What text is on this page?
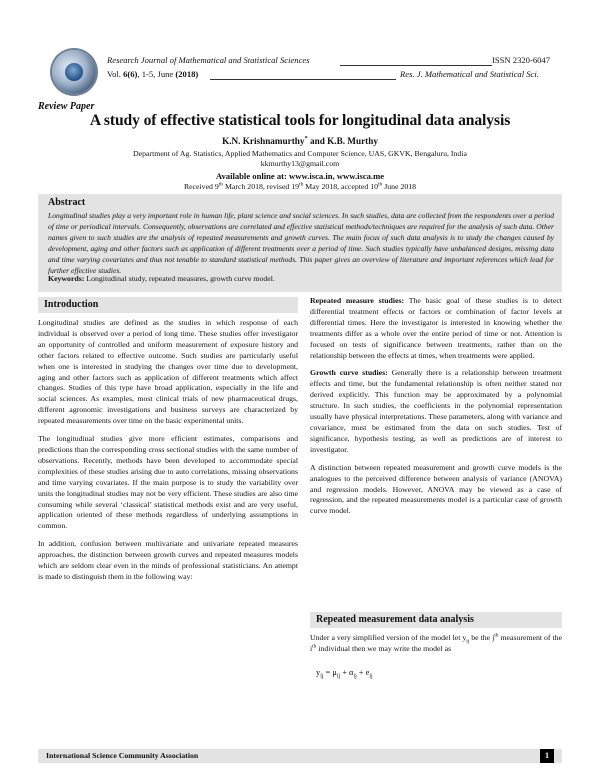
Research Journal of Mathematical and Statistical Sciences	ISSN 2320-6047
Vol. 6(6), 1-5, June (2018)	Res. J. Mathematical and Statistical Sci.
Review Paper
A study of effective statistical tools for longitudinal data analysis
K.N. Krishnamurthy* and K.B. Murthy
Department of Ag. Statistics, Applied Mathematics and Computer Science, UAS, GKVK, Bengaluru, India
kkmurthy13@gmail.com
Available online at: www.isca.in, www.isca.me
Received 9th March 2018, revised 19th May 2018, accepted 10th June 2018
Abstract
Longitudinal studies play a very important role in human life, plant science and social sciences. In such studies, data are collected from the respondents over a period of time or periodical intervals. Consequently, observations are correlated and effective statistical methods/techniques are required for the analysis of such data. Other names given to such studies are the analysis of repeated measurements and growth curves. The main focus of such data analysis is to study the changes caused by development, aging and other factors such as application of different treatments over a period of time. Such studies typically have unbalanced designs, missing data and time varying covariates and thus not tenable to standard statistical methods. This paper gives an overview of literature and important references which lead for further effective studies.
Keywords: Longitudinal study, repeated measures, growth curve model.
Introduction

Longitudinal studies are defined as the studies in which response of each individual is observed over a period of long time. These studies offer investigator an opportunity of controlled and uniform measurement of exposure history and other factors related to effective outcome. Such studies are particularly useful when one is interested in studying the changes over time due to development, aging and other factors such as application of different treatments which affect changes. Studies of this type have broad application, especially in the life and social sciences. As examples, most clinical trials of new pharmaceutical drugs, different agronomic investigations and business surveys are characterized by repeated measurements over time on the basic experimental units.

The longitudinal studies give more efficient estimates, comparisons and predictions than the corresponding cross sectional studies with the same number of observations. Recently, methods have been developed to accommodate special complexities of these studies arising due to auto correlations, missing observations and time varying covariates. If the main purpose is to study the variability over units the longitudinal studies may not be very efficient. These studies are also time consuming while several ‘classical’ statistical methods exist and are very useful, application oriented of these methods regardless of underlying assumptions in common.

In addition, confusion between multivariate and univariate repeated measures approaches, the distinction between growth curves and repeated measures models which are seldom clear even in the minds of professional statisticians. An attempt is made to distinguish them in the following way:

Repeated measure studies: The basic goal of these studies is to detect differential treatment effects or factors or combination of factor levels at differential times. Here the investigator is interested in knowing whether the treatments differ as a whole over the entire period of time or not. Attention is focused on tests of significance between treatments, rather than on the relationship between the effects at times, when treatments were applied.

Growth curve studies: Generally there is a relationship between treatment effects and time, but the fundamental relationship is often neither stated nor derived explicitly. This function may be approximated by a polynomial structure. In such studies, the coefficients in the polynomial representation usually have physical interpretations. These parameters, along with variance and covariance, must be estimated from the data on such studies. Test of significance, hypothesis testing, as well as predictions are of interest to investigator.

A distinction between repeated measurement and growth curve models is the analogues to the perceived difference between analysis of variance (ANOVA) and regression models. However, ANOVA may be viewed as a case of regression, and the repeated measurements model is a particular case of growth curve model.

Repeated measurement data analysis

Under a very simplified version of the model let $y_{ij}$ be the $j^{th}$ measurement of the $i^{th}$ individual then we may write the model as

$y_{ij} = \mu_{ij} + \alpha_{ij} + e_{ij}$
International Science Community Association	1
